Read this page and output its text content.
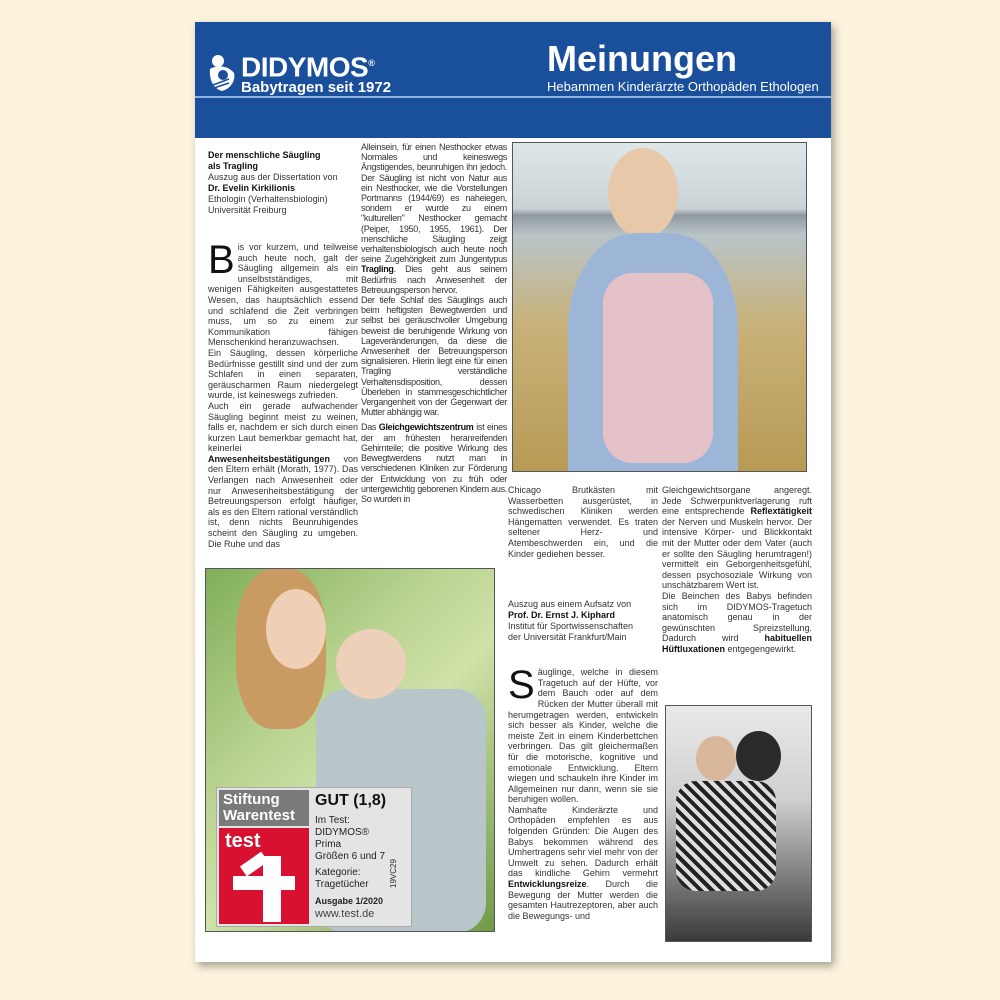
DIDYMOS®
Babytragen seit 1972
Meinungen
Hebammen Kinderärzte Orthopäden Ethologen
Der menschliche Säugling
als Tragling
Auszug aus der Dissertation von
Dr. Evelin Kirkilionis
Ethologin (Verhaltensbiologin)
Universität Freiburg

Bis vor kurzem, und teilweise auch heute noch, galt der Säugling allgemein als ein unselbstständiges, mit wenigen Fähigkeiten ausgestattetes Wesen, das hauptsächlich essend und schlafend die Zeit verbringen muss, um so zu einem zur Kommunikation fähigen Menschenkind heranzuwachsen.

Ein Säugling, dessen körperliche Bedürfnisse gestillt sind und der zum Schlafen in einen separaten, geräuscharmen Raum niedergelegt wurde, ist keineswegs zufrieden.

Auch ein gerade aufwachender Säugling beginnt meist zu weinen, falls er, nachdem er sich durch einen kurzen Laut bemerkbar gemacht hat, keinerlei Anwesenheitsbestätigungen von den Eltern erhält (Morath, 1977). Das Verlangen nach Anwesenheit oder nur Anwesenheitsbestätigung der Betreuungsperson erfolgt häufiger, als es den Eltern rational verständlich ist, denn nichts Beunruhigendes scheint den Säugling zu umgeben. Die Ruhe und das

Alleinsein, für einen Nesthocker etwas Normales und keineswegs Ängstigendes, beunruhigen ihn jedoch. Der Säugling ist nicht von Natur aus ein Nesthocker, wie die Vorstellungen Portmanns (1944/69) es naheiegen, sondern er wurde zu einem "kulturellen" Nesthocker gemacht (Peiper, 1950, 1955, 1961). Der menschliche Säugling zeigt verhaltensbiologisch auch heute noch seine Zugehörigkeit zum Jungentypus Tragling. Dies geht aus seinem Bedürfnis nach Anwesenheit der Betreuungsperson hervor.

Der tiefe Schlaf des Säuglings auch beim heftigsten Bewegtwerden und selbst bei geräuschvoller Umgebung beweist die beruhigende Wirkung von Lageveränderungen, da diese die Anwesenheit der Betreuungsperson signalisieren. Hierin liegt eine für einen Tragling verständliche Verhaltensdisposition, dessen Überleben in stammesgeschichtlicher Vergangenheit von der Gegenwart der Mutter abhängig war.

Das Gleichgewichtszentrum ist eines der am frühesten heranreifenden Gehirnteile; die positive Wirkung des Bewegtwerdens nutzt man in verschiedenen Kliniken zur Förderung der Entwicklung von zu früh oder untergewichtig geborenen Kindern aus. So wurden in

Chicago Brutkästen mit Wasserbetten ausgerüstet, in schwedischen Kliniken werden Hängematten verwendet. Es traten seltener Herz- und Atembeschwerden ein, und die Kinder gediehen besser.

Auszug aus einem Aufsatz von
Prof. Dr. Ernst J. Kiphard
Institut für Sportwissenschaften
der Universität Frankfurt/Main

Säuglinge, welche in diesem Tragetuch auf der Hüfte, vor dem Bauch oder auf dem Rücken der Mutter überall mit herumgetragen werden, entwickeln sich besser als Kinder, welche die meiste Zeit in einem Kinderbettchen verbringen. Das gilt gleichermaßen für die motorische, kognitive und emotionale Entwicklung. Eltern wiegen und schaukeln ihre Kinder im Allgemeinen nur dann, wenn sie sie beruhigen wollen.

Namhafte Kinderärzte und Orthopäden empfehlen es aus folgenden Gründen: Die Augen des Babys bekommen während des Umhertragens sehr viel mehr von der Umwelt zu sehen. Dadurch erhält das kindliche Gehirn vermehrt Entwicklungsreize. Durch die Bewegung der Mutter werden die gesamten Hautrezeptoren, aber auch die Bewegungs- und

Gleichgewichtsorgane angeregt. Jede Schwerpunktverlagerung ruft eine entsprechende Reflextätigkeit der Nerven und Muskeln hervor. Der intensive Körper- und Blickkontakt mit der Mutter oder dem Vater (auch er sollte den Säugling herumtragen!) vermittelt ein Geborgenheitsgefühl, dessen psychosoziale Wirkung von unschätzbarem Wert ist.

Die Beinchen des Babys befinden sich im DIDYMOS-Tragetuch anatomisch genau in der gewünschten Spreizstellung. Dadurch wird habituellen Hüftluxationen entgegengewirkt.

Stiftung
Warentest
test
GUT (1,8)
Im Test:
DIDYMOS®
Prima
Größen 6 und 7
Kategorie:
Tragetücher
Ausgabe 1/2020
www.test.de
19VC29
